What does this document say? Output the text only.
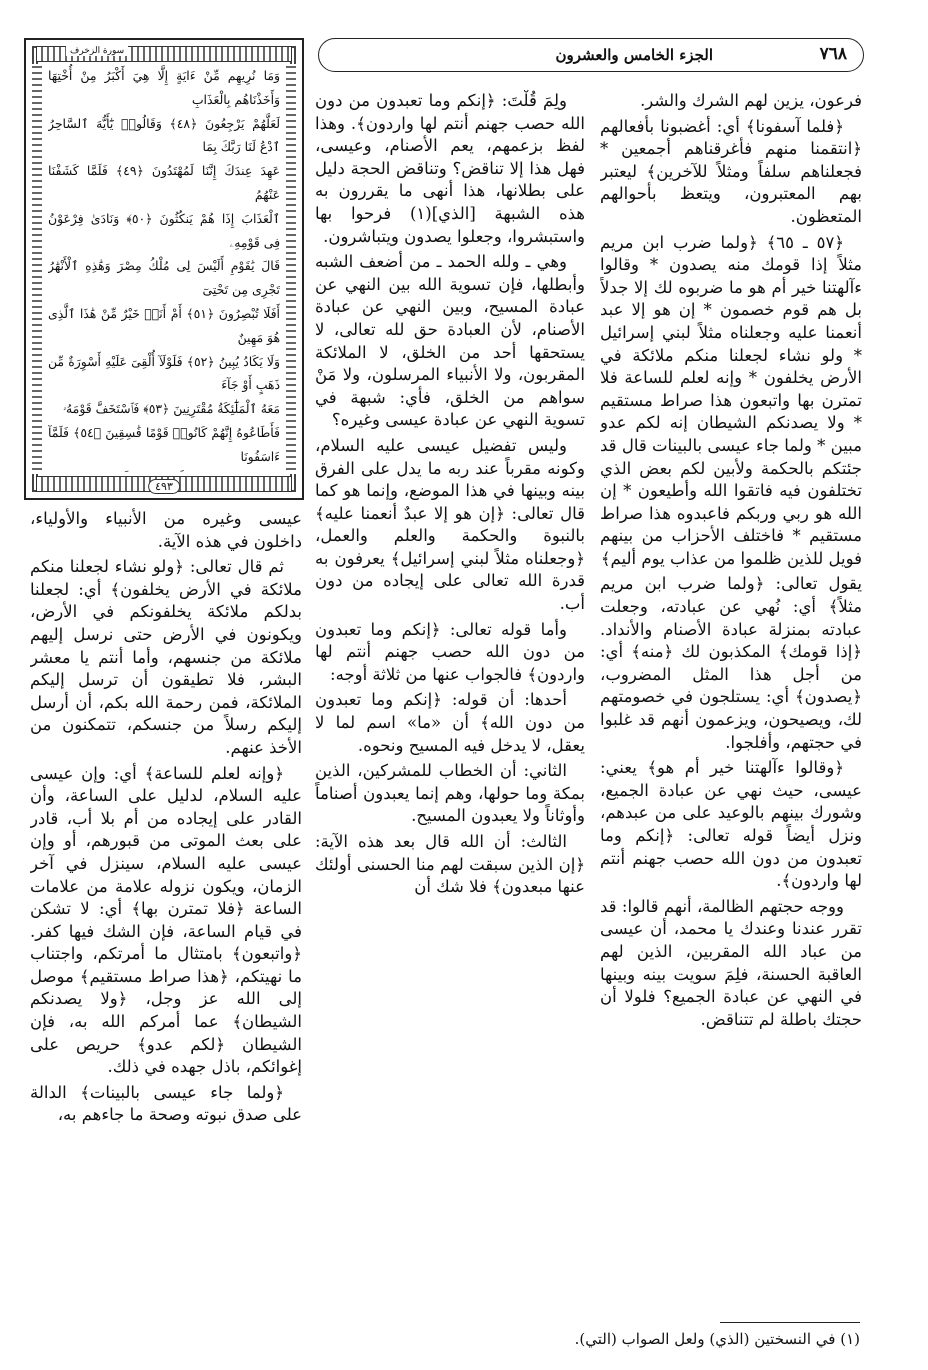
الجزء الخامس والعشرون	٧٦٨
سورة الزخرف

وَمَا نُرِيهِم مِّنْ ءَايَةٍ إِلَّا هِيَ أَكْبَرُ مِنْ أُخْتِهَا وَأَخَذْنَاهُم بِالْعَذَابِ

لَعَلَّهُمْ يَرْجِعُونَ ﴿٤٨﴾ وَقَالُوا۟ يَٰٓأَيُّهَ ٱلسَّاحِرُ ٱدْعُ لَنَا رَبَّكَ بِمَا

عَهِدَ عِندَكَ إِنَّنَا لَمُهْتَدُونَ ﴿٤٩﴾ فَلَمَّا كَشَفْنَا عَنْهُمُ

ٱلْعَذَابَ إِذَا هُمْ يَنكُثُونَ ﴿٥٠﴾ وَنَادَىٰ فِرْعَوْنُ فِى قَوْمِهِۦ

قَالَ يَٰقَوْمِ أَلَيْسَ لِى مُلْكُ مِصْرَ وَهَٰذِهِ ٱلْأَنْهَٰرُ تَجْرِى مِن تَحْتِىٓ

أَفَلَا تُبْصِرُونَ ﴿٥١﴾ أَمْ أَنَا۠ خَيْرٌ مِّنْ هَٰذَا ٱلَّذِى هُوَ مَهِينٌ

وَلَا يَكَادُ يُبِينُ ﴿٥٢﴾ فَلَوْلَآ أُلْقِىَ عَلَيْهِ أَسْوِرَةٌ مِّن ذَهَبٍ أَوْ جَآءَ

مَعَهُ ٱلْمَلَٰٓئِكَةُ مُقْتَرِنِينَ ﴿٥٣﴾ فَٱسْتَخَفَّ قَوْمَهُۥ

فَأَطَاعُوهُ إِنَّهُمْ كَانُوا۟ قَوْمًا فَٰسِقِينَ ﴿٥٤﴾ فَلَمَّآ ءَاسَفُونَا

٤٩٣

فرعون، يزين لهم الشرك والشر.

﴿فلما آسفونا﴾ أي: أغضبونا بأفعالهم ﴿انتقمنا منهم فأغرقناهم أجمعين * فجعلناهم سلفاً ومثلاً للآخرين﴾ ليعتبر بهم المعتبرون، ويتعظ بأحوالهم المتعظون.

﴿٥٧ ـ ٦٥﴾ ﴿ولما ضرب ابن مريم مثلاً إذا قومك منه يصدون * وقالوا ءآلهتنا خير أم هو ما ضربوه لك إلا جدلاً بل هم قوم خصمون * إن هو إلا عبد أنعمنا عليه وجعلناه مثلاً لبني إسرائيل * ولو نشاء لجعلنا منكم ملائكة في الأرض يخلفون * وإنه لعلم للساعة فلا تمترن بها واتبعون هذا صراط مستقيم * ولا يصدنكم الشيطان إنه لكم عدو مبين * ولما جاء عيسى بالبينات قال قد جئتكم بالحكمة ولأبين لكم بعض الذي تختلفون فيه فاتقوا الله وأطيعون * إن الله هو ربي وربكم فاعبدوه هذا صراط مستقيم * فاختلف الأحزاب من بينهم فويل للذين ظلموا من عذاب يوم أليم﴾

يقول تعالى: ﴿ولما ضرب ابن مريم مثلاً﴾ أي: نُهي عن عبادته، وجعلت عبادته بمنزلة عبادة الأصنام والأنداد. ﴿إذا قومك﴾ المكذبون لك ﴿منه﴾ أي: من أجل هذا المثل المضروب، ﴿يصدون﴾ أي: يستلجون في خصومتهم لك، ويصيحون، ويزعمون أنهم قد غلبوا في حجتهم، وأفلجوا.

﴿وقالوا ءآلهتنا خير أم هو﴾ يعني: عيسى، حيث نهي عن عبادة الجميع، وشورك بينهم بالوعيد على من عبدهم، ونزل أيضاً قوله تعالى: ﴿إنكم وما تعبدون من دون الله حصب جهنم أنتم لها واردون﴾.

ووجه حجتهم الظالمة، أنهم قالوا: قد تقرر عندنا وعندك يا محمد، أن عيسى من عباد الله المقربين، الذين لهم العاقبة الحسنة، فلِمَ سويت بينه وبينها في النهي عن عبادة الجميع؟ فلولا أن حجتك باطلة لم تتناقض.

ولِمَ قُلْتَ: ﴿إنكم وما تعبدون من دون الله حصب جهنم أنتم لها واردون﴾. وهذا لفظ بزعمهم، يعم الأصنام، وعيسى، فهل هذا إلا تناقض؟ وتناقض الحجة دليل على بطلانها، هذا أنهى ما يقررون به هذه الشبهة [الذي](١) فرحوا بها واستبشروا، وجعلوا يصدون ويتباشرون.

وهي ـ ولله الحمد ـ من أضعف الشبه وأبطلها، فإن تسوية الله بين النهي عن عبادة المسيح، وبين النهي عن عبادة الأصنام، لأن العبادة حق لله تعالى، لا يستحقها أحد من الخلق، لا الملائكة المقربون، ولا الأنبياء المرسلون، ولا مَنْ سواهم من الخلق، فأي: شبهة في تسوية النهي عن عبادة عيسى وغيره؟

وليس تفضيل عيسى عليه السلام، وكونه مقرباً عند ربه ما يدل على الفرق بينه وبينها في هذا الموضع، وإنما هو كما قال تعالى: ﴿إن هو إلا عبدٌ أنعمنا عليه﴾ بالنبوة والحكمة والعلم والعمل، ﴿وجعلناه مثلاً لبني إسرائيل﴾ يعرفون به قدرة الله تعالى على إيجاده من دون أب.

وأما قوله تعالى: ﴿إنكم وما تعبدون من دون الله حصب جهنم أنتم لها واردون﴾ فالجواب عنها من ثلاثة أوجه:

أحدها: أن قوله: ﴿إنكم وما تعبدون من دون الله﴾ أن «ما» اسم لما لا يعقل، لا يدخل فيه المسيح ونحوه.

الثاني: أن الخطاب للمشركين، الذين بمكة وما حولها، وهم إنما يعبدون أصناماً وأوثاناً ولا يعبدون المسيح.

الثالث: أن الله قال بعد هذه الآية: ﴿إن الذين سبقت لهم منا الحسنى أولئك عنها مبعدون﴾ فلا شك أن

عيسى وغيره من الأنبياء والأولياء، داخلون في هذه الآية.

ثم قال تعالى: ﴿ولو نشاء لجعلنا منكم ملائكة في الأرض يخلفون﴾ أي: لجعلنا بدلكم ملائكة يخلفونكم في الأرض، ويكونون في الأرض حتى نرسل إليهم ملائكة من جنسهم، وأما أنتم يا معشر البشر، فلا تطيقون أن ترسل إليكم الملائكة، فمن رحمة الله بكم، أن أرسل إليكم رسلاً من جنسكم، تتمكنون من الأخذ عنهم.

﴿وإنه لعلم للساعة﴾ أي: وإن عيسى عليه السلام، لدليل على الساعة، وأن القادر على إيجاده من أم بلا أب، قادر على بعث الموتى من قبورهم، أو وإن عيسى عليه السلام، سينزل في آخر الزمان، ويكون نزوله علامة من علامات الساعة ﴿فلا تمترن بها﴾ أي: لا تشكن في قيام الساعة، فإن الشك فيها كفر. ﴿واتبعون﴾ بامتثال ما أمرتكم، واجتناب ما نهيتكم، ﴿هذا صراط مستقيم﴾ موصل إلى الله عز وجل، ﴿ولا يصدنكم الشيطان﴾ عما أمركم الله به، فإن الشيطان ﴿لكم عدو﴾ حريص على إغوائكم، باذل جهده في ذلك.

﴿ولما جاء عيسى بالبينات﴾ الدالة على صدق نبوته وصحة ما جاءهم به،

(١) في النسختين (الذي) ولعل الصواب (التي).
